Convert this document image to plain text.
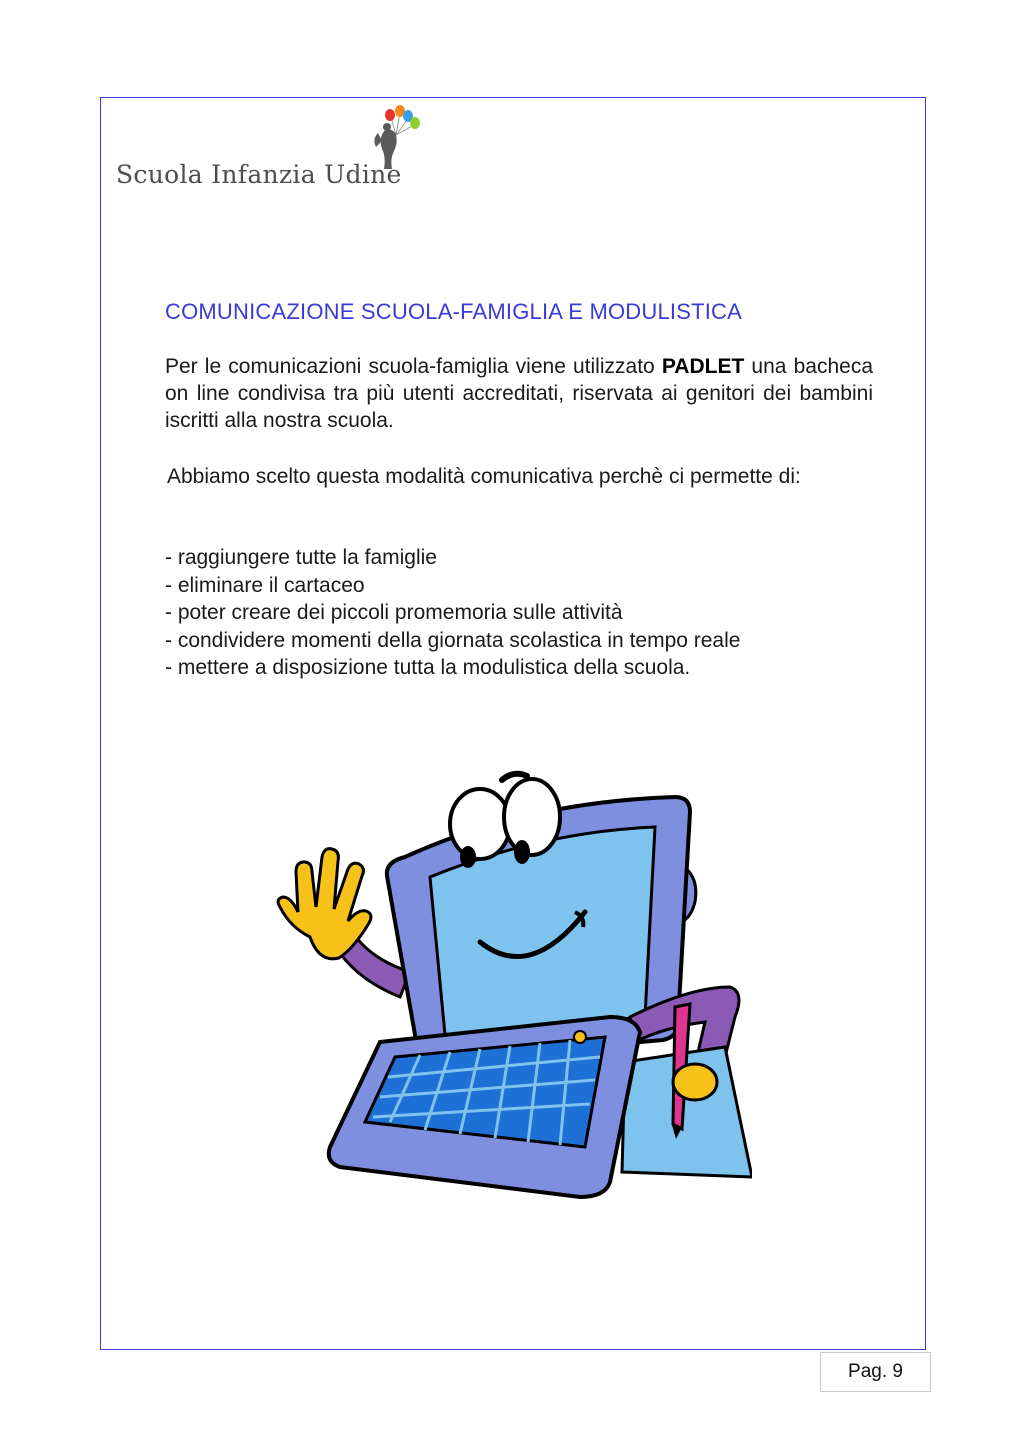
Scuola Infanzia Udine
COMUNICAZIONE SCUOLA-FAMIGLIA E MODULISTICA
Per le comunicazioni scuola-famiglia viene utilizzato PADLET una bacheca on line condivisa tra più utenti accreditati, riservata ai genitori dei bambini iscritti alla nostra scuola.
Abbiamo scelto questa modalità comunicativa perchè ci permette di:
- raggiungere tutte la famiglie
- eliminare il cartaceo
- poter creare dei piccoli promemoria sulle attività
- condividere momenti della giornata scolastica in tempo reale
- mettere a disposizione tutta la modulistica della scuola.
Pag. 9
